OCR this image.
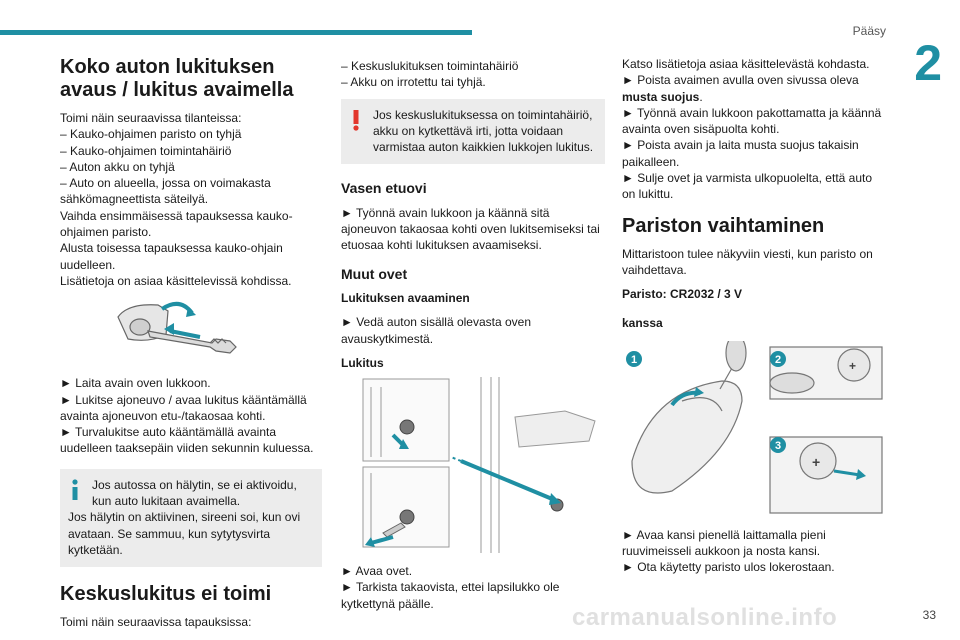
Pääsy
2
33
carmanualsonline.info
Koko auton lukituksen
avaus / lukitus avaimella

Toimi näin seuraavissa tilanteissa:

– Kauko-ohjaimen paristo on tyhjä

– Kauko-ohjaimen toimintahäiriö

– Auton akku on tyhjä

– Auto on alueella, jossa on voimakasta

sähkömagneettista säteilyä.

Vaihda ensimmäisessä tapauksessa kauko-ohjaimen paristo.

Alusta toisessa tapauksessa kauko-ohjain uudelleen.

Lisätietoja on asiaa käsittelevissä kohdissa.

► Laita avain oven lukkoon.

► Lukitse ajoneuvo / avaa lukitus kääntämällä avainta ajoneuvon etu-/takaosaa kohti.

► Turvalukitse auto kääntämällä avainta uudelleen taaksepäin viiden sekunnin kuluessa.

Jos autossa on hälytin, se ei aktivoidu, kun auto lukitaan avaimella.

Jos hälytin on aktiivinen, sireeni soi, kun ovi avataan. Se sammuu, kun sytytysvirta kytketään.

Keskuslukitus ei toimi

Toimi näin seuraavissa tapauksissa:

– Keskuslukituksen toimintahäiriö

– Akku on irrotettu tai tyhjä.

Jos keskuslukituksessa on toimintahäiriö, akku on kytkettävä irti, jotta voidaan varmistaa auton kaikkien lukkojen lukitus.

Vasen etuovi

► Työnnä avain lukkoon ja käännä sitä ajoneuvon takaosaa kohti oven lukitsemiseksi tai etuosaa kohti lukituksen avaamiseksi.

Muut ovet
Lukituksen avaaminen

► Vedä auton sisällä olevasta oven avauskytkimestä.

Lukitus

► Avaa ovet.

► Tarkista takaovista, ettei lapsilukko ole kytkettynä päälle.

Katso lisätietoja asiaa käsittelevästä kohdasta.

► Poista avaimen avulla oven sivussa oleva musta suojus.

► Työnnä avain lukkoon pakottamatta ja käännä avainta oven sisäpuolta kohti.

► Poista avain ja laita musta suojus takaisin paikalleen.

► Sulje ovet ja varmista ulkopuolelta, että auto on lukittu.

Pariston vaihtaminen

Mittaristoon tulee näkyviin viesti, kun paristo on vaihdettava.

Paristo: CR2032 / 3 V

kanssa

+
+
1	2
3

► Avaa kansi pienellä laittamalla pieni ruuvimeisseli aukkoon ja nosta kansi.

► Ota käytetty paristo ulos lokerostaan.
